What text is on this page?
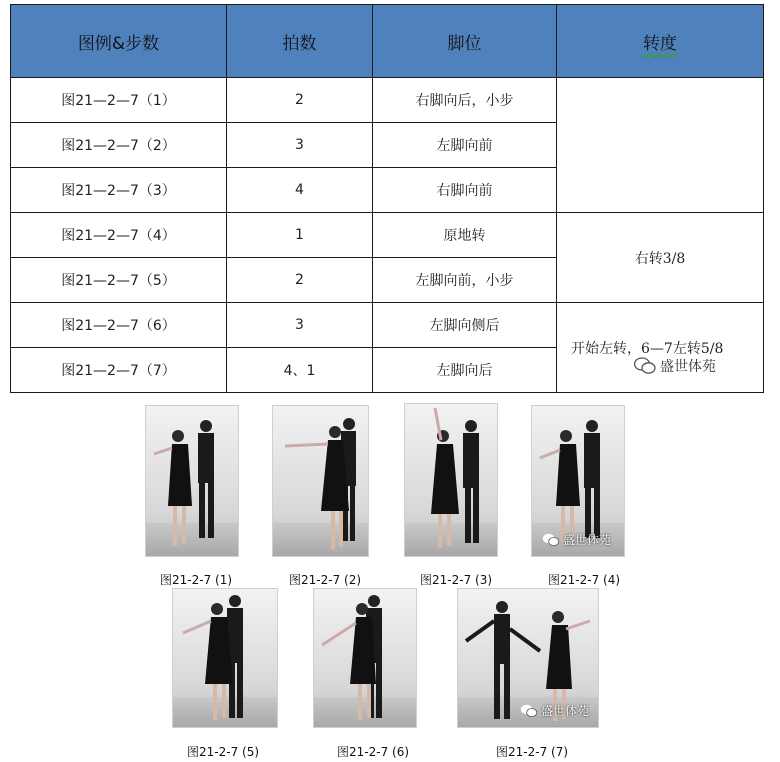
图例&步数	拍数	脚位	转度
图21—2—7（1）	2	右脚向后，小步	
图21—2—7（2）	3	左脚向前	
图21—2—7（3）	4	右脚向前	
图21—2—7（4）	1	原地转	右转3/8
图21—2—7（5）	2	左脚向前，小步	
图21—2—7（6）	3	左脚向侧后	开始左转，6—7左转5/8
图21—2—7（7）	4、1	左脚向后		盛世体苑
盛世体苑
图21-2-7 (1)	图21-2-7 (2)	图21-2-7 (3)	图21-2-7 (4)
盛世体苑
图21-2-7 (5)	图21-2-7 (6)	图21-2-7 (7)
